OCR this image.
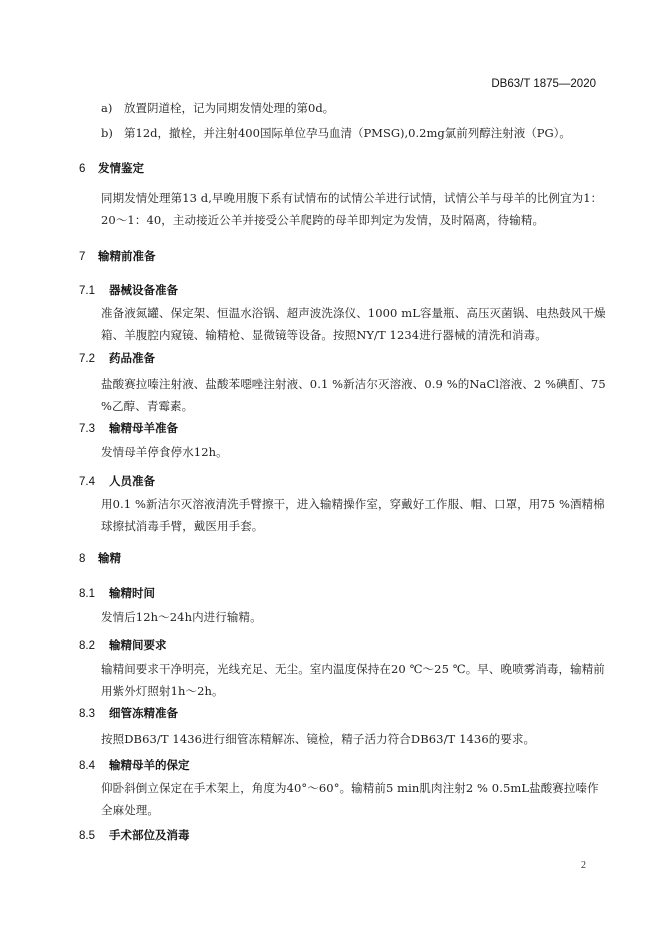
DB63/T 1875—2020
a) 放置阴道栓，记为同期发情处理的第0d。
b) 第12d，撤栓，并注射400国际单位孕马血清（PMSG),0.2mg氯前列醇注射液（PG）。
6 发情鉴定
同期发情处理第13 d,早晚用腹下系有试情布的试情公羊进行试情，试情公羊与母羊的比例宜为1：20～1：40，主动接近公羊并接受公羊爬跨的母羊即判定为发情，及时隔离，待输精。
7 输精前准备
7.1 器械设备准备
准备液氮罐、保定架、恒温水浴锅、超声波洗涤仪、1000 mL容量瓶、高压灭菌锅、电热鼓风干燥箱、羊腹腔内窥镜、输精枪、显微镜等设备。按照NY/T 1234进行器械的清洗和消毒。
7.2 药品准备
盐酸赛拉嗪注射液、盐酸苯噁唑注射液、0.1 %新洁尔灭溶液、0.9 %的NaCl溶液、2 %碘酊、75 %乙醇、青霉素。
7.3 输精母羊准备
发情母羊停食停水12h。
7.4 人员准备
用0.1 %新洁尔灭溶液清洗手臂擦干，进入输精操作室，穿戴好工作服、帽、口罩，用75 %酒精棉球擦拭消毒手臂，戴医用手套。
8 输精
8.1 输精时间
发情后12h～24h内进行输精。
8.2 输精间要求
输精间要求干净明亮，光线充足、无尘。室内温度保持在20 ℃～25 ℃。早、晚喷雾消毒，输精前用紫外灯照射1h～2h。
8.3 细管冻精准备
按照DB63/T 1436进行细管冻精解冻、镜检，精子活力符合DB63/T 1436的要求。
8.4 输精母羊的保定
仰卧斜倒立保定在手术架上，角度为40°～60°。输精前5 min肌肉注射2 % 0.5mL盐酸赛拉嗪作全麻处理。
8.5 手术部位及消毒
2
